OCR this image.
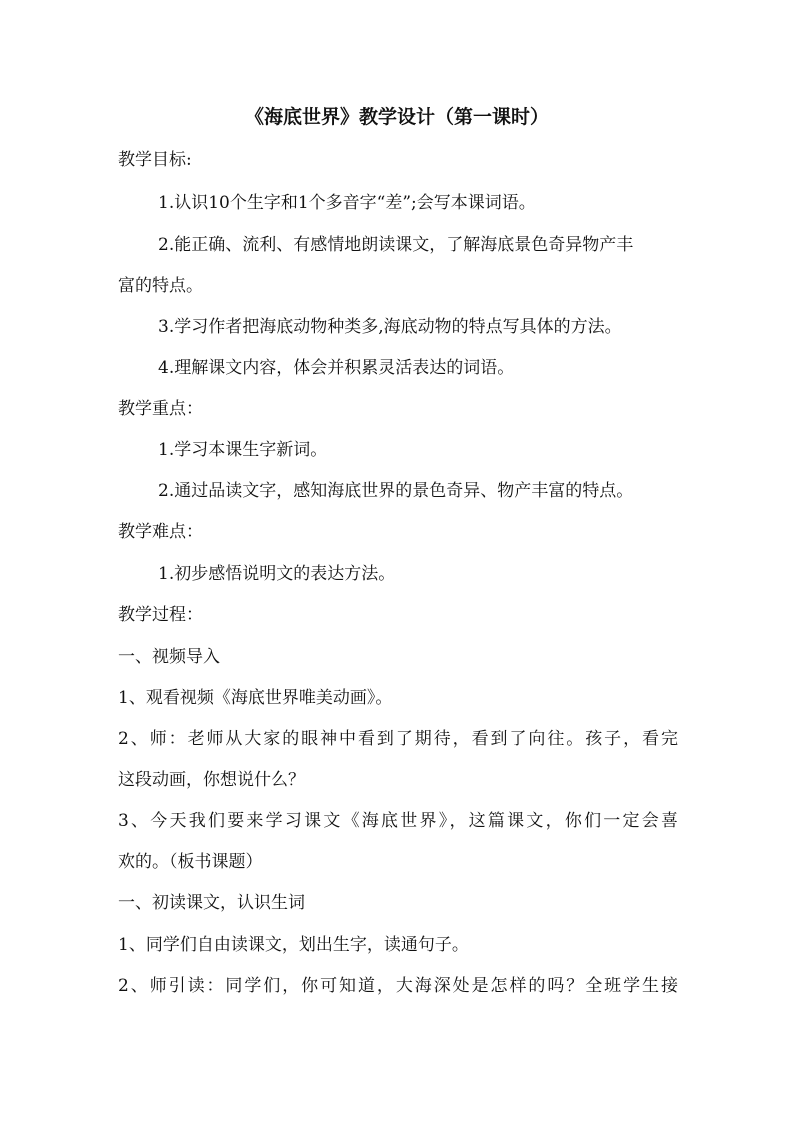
《海底世界》教学设计（第一课时）

教学目标:

1.认识10个生字和1个多音字“差”;会写本课词语。

2.能正确、流利、有感情地朗读课文，了解海底景色奇异物产丰

富的特点。

3.学习作者把海底动物种类多,海底动物的特点写具体的方法。

4.理解课文内容，体会并积累灵活表达的词语。

教学重点：

1.学习本课生字新词。

2.通过品读文字，感知海底世界的景色奇异、物产丰富的特点。

教学难点：

1.初步感悟说明文的表达方法。

教学过程：

一、视频导入

1、观看视频《海底世界唯美动画》。

2、师：老师从大家的眼神中看到了期待，看到了向往。孩子，看完

这段动画，你想说什么？

3、今天我们要来学习课文《海底世界》，这篇课文，你们一定会喜

欢的。（板书课题）

一、初读课文，认识生词

1、同学们自由读课文，划出生字，读通句子。

2、师引读：同学们，你可知道，大海深处是怎样的吗？全班学生接
